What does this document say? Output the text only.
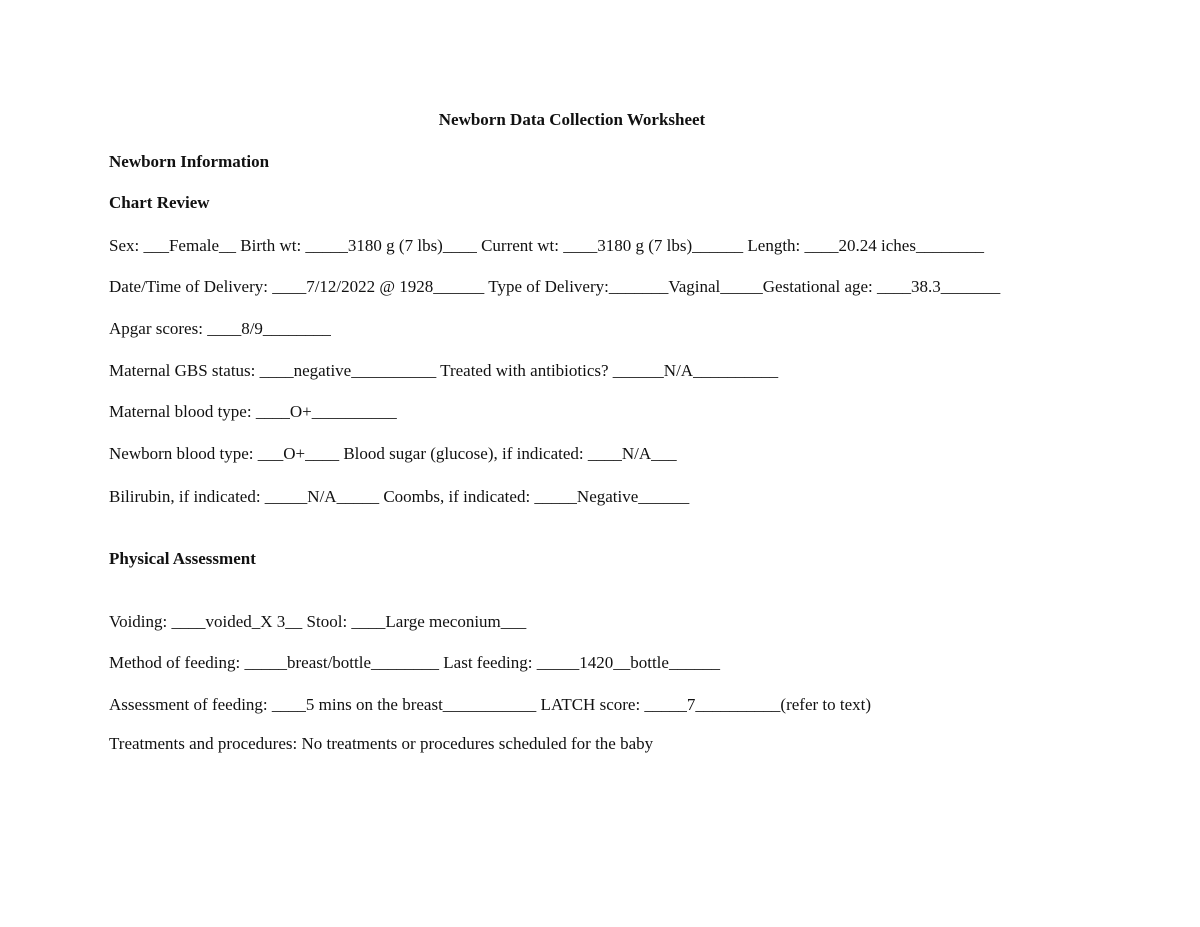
Newborn Data Collection Worksheet
Newborn Information
Chart Review
Sex: ___Female__ Birth wt: _____3180 g (7 lbs)____ Current wt: ____3180 g (7 lbs)______ Length: ____20.24 iches________
Date/Time of Delivery: ____7/12/2022 @ 1928______ Type of Delivery:_______Vaginal_____Gestational age: ____38.3_______
Apgar scores: ____8/9________
Maternal GBS status: ____negative__________ Treated with antibiotics? ______N/A__________
Maternal blood type: ____O+__________
Newborn blood type: ___O+____ Blood sugar (glucose), if indicated: ____N/A___
Bilirubin, if indicated: _____N/A_____ Coombs, if indicated: _____Negative______
Physical Assessment
Voiding: ____voided_X 3__ Stool: ____Large meconium___
Method of feeding: _____breast/bottle________ Last feeding: _____1420__bottle______
Assessment of feeding: ____5 mins on the breast___________ LATCH score: _____7__________(refer to text)
Treatments and procedures: No treatments or procedures scheduled for the baby
